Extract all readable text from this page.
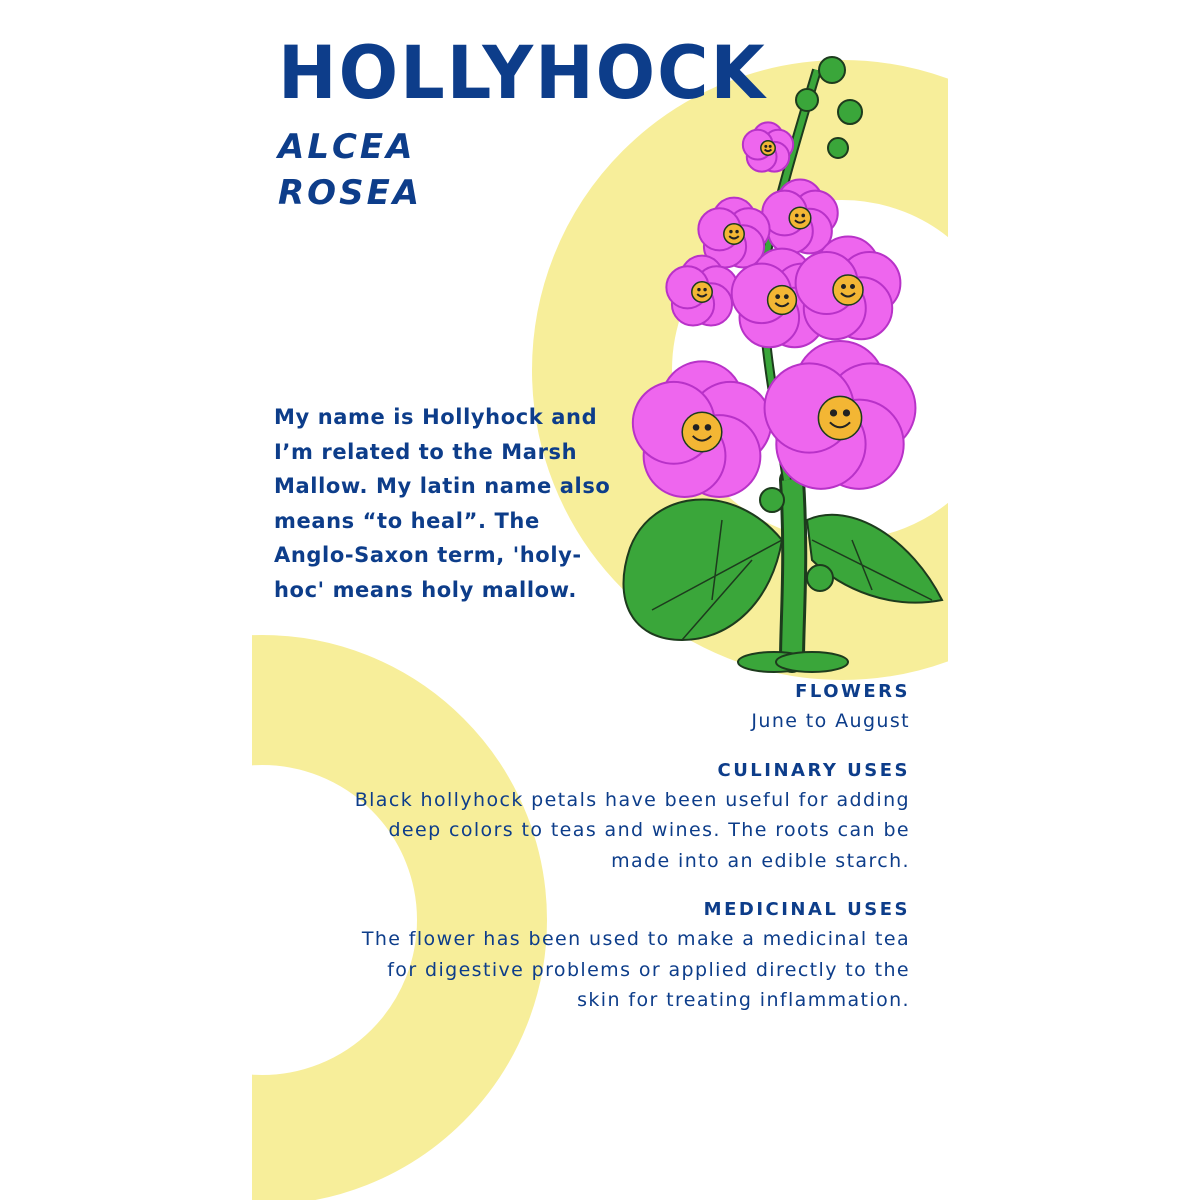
HOLLYHOCK
ALCEA
ROSEA

My name is Hollyhock and I’m related to the Marsh Mallow. My latin name also means “to heal”. The Anglo-Saxon term, 'holy-hoc' means holy mallow.

FLOWERS
June to August
CULINARY USES
Black hollyhock petals have been useful for adding
deep colors to teas and wines. The roots can be
made into an edible starch.
MEDICINAL USES
The flower has been used to make a medicinal tea
for digestive problems or applied directly to the
skin for treating inflammation.
